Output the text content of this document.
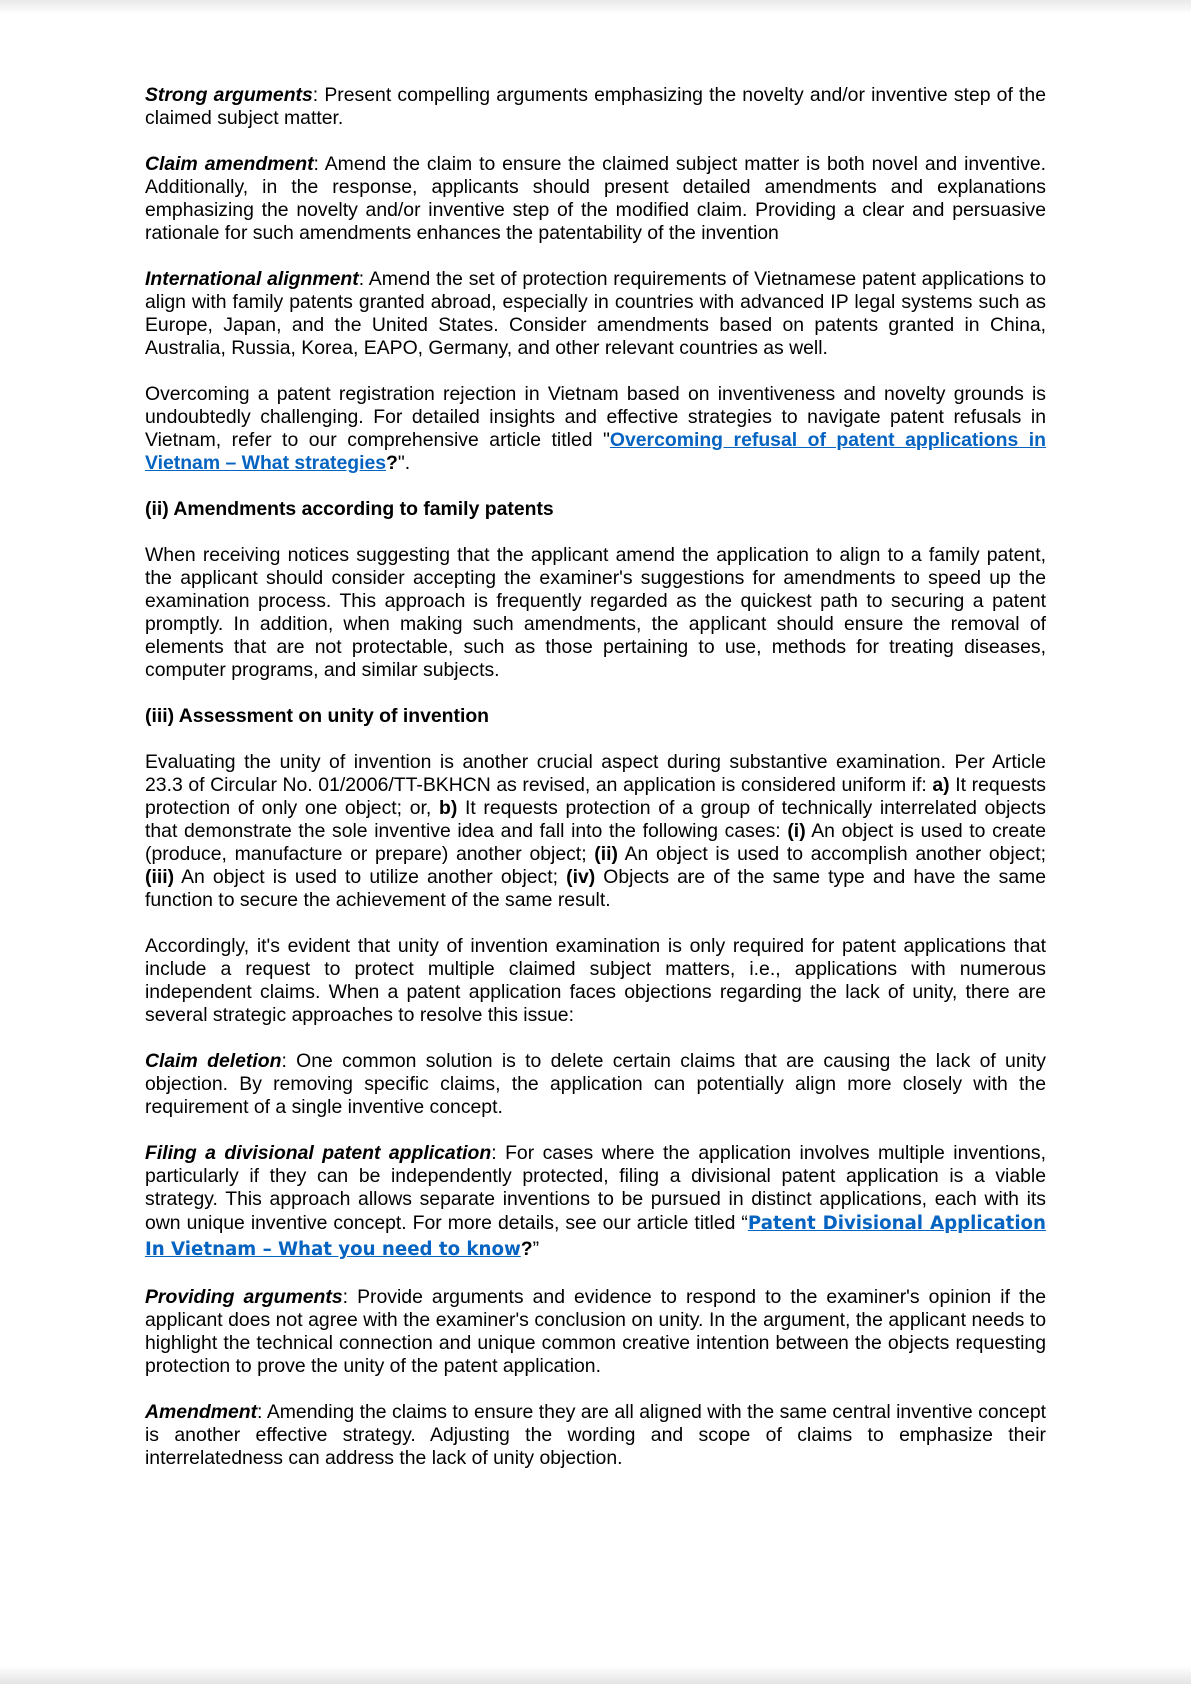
Strong arguments: Present compelling arguments emphasizing the novelty and/or inventive step of the claimed subject matter.

Claim amendment: Amend the claim to ensure the claimed subject matter is both novel and inventive. Additionally, in the response, applicants should present detailed amendments and explanations emphasizing the novelty and/or inventive step of the modified claim. Providing a clear and persuasive rationale for such amendments enhances the patentability of the invention

International alignment: Amend the set of protection requirements of Vietnamese patent applications to align with family patents granted abroad, especially in countries with advanced IP legal systems such as Europe, Japan, and the United States. Consider amendments based on patents granted in China, Australia, Russia, Korea, EAPO, Germany, and other relevant countries as well.

Overcoming a patent registration rejection in Vietnam based on inventiveness and novelty grounds is undoubtedly challenging. For detailed insights and effective strategies to navigate patent refusals in Vietnam, refer to our comprehensive article titled "Overcoming refusal of patent applications in Vietnam – What strategies?".

(ii) Amendments according to family patents

When receiving notices suggesting that the applicant amend the application to align to a family patent, the applicant should consider accepting the examiner's suggestions for amendments to speed up the examination process. This approach is frequently regarded as the quickest path to securing a patent promptly. In addition, when making such amendments, the applicant should ensure the removal of elements that are not protectable, such as those pertaining to use, methods for treating diseases, computer programs, and similar subjects.

(iii) Assessment on unity of invention

Evaluating the unity of invention is another crucial aspect during substantive examination. Per Article 23.3 of Circular No. 01/2006/TT-BKHCN as revised, an application is considered uniform if: a) It requests protection of only one object; or, b) It requests protection of a group of technically interrelated objects that demonstrate the sole inventive idea and fall into the following cases: (i) An object is used to create (produce, manufacture or prepare) another object; (ii) An object is used to accomplish another object; (iii) An object is used to utilize another object; (iv) Objects are of the same type and have the same function to secure the achievement of the same result.

Accordingly, it's evident that unity of invention examination is only required for patent applications that include a request to protect multiple claimed subject matters, i.e., applications with numerous independent claims. When a patent application faces objections regarding the lack of unity, there are several strategic approaches to resolve this issue:

Claim deletion: One common solution is to delete certain claims that are causing the lack of unity objection. By removing specific claims, the application can potentially align more closely with the requirement of a single inventive concept.

Filing a divisional patent application: For cases where the application involves multiple inventions, particularly if they can be independently protected, filing a divisional patent application is a viable strategy. This approach allows separate inventions to be pursued in distinct applications, each with its own unique inventive concept. For more details, see our article titled “Patent Divisional Application In Vietnam – What you need to know?”

Providing arguments: Provide arguments and evidence to respond to the examiner's opinion if the applicant does not agree with the examiner's conclusion on unity. In the argument, the applicant needs to highlight the technical connection and unique common creative intention between the objects requesting protection to prove the unity of the patent application.

Amendment: Amending the claims to ensure they are all aligned with the same central inventive concept is another effective strategy. Adjusting the wording and scope of claims to emphasize their interrelatedness can address the lack of unity objection.
